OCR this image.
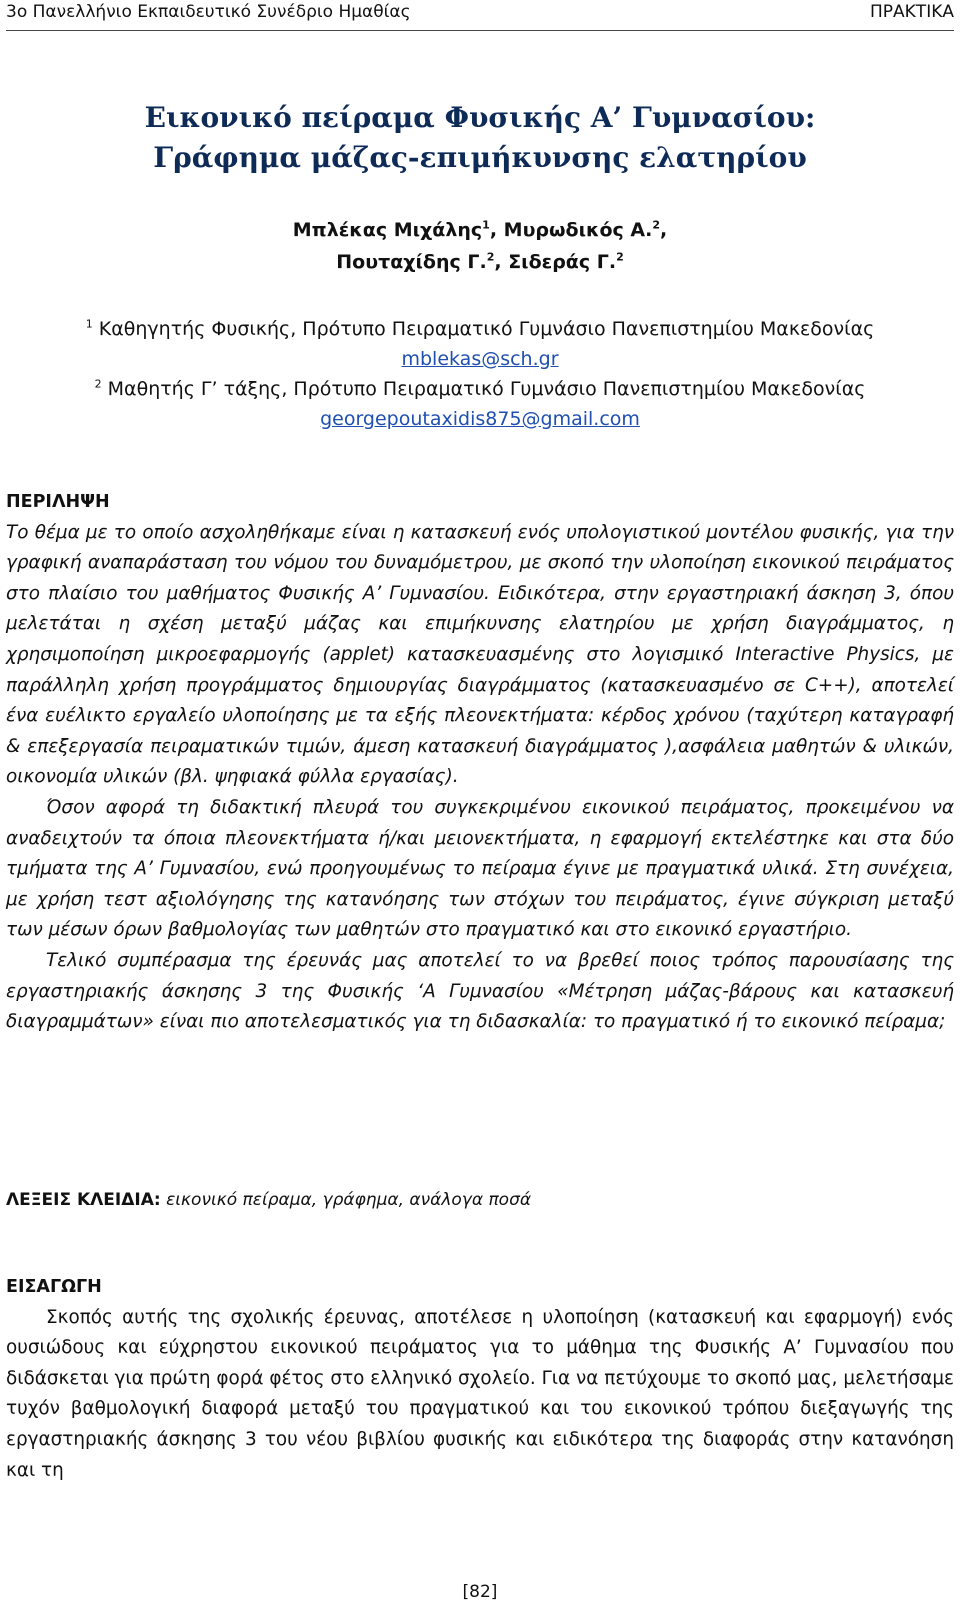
3ο Πανελλήνιο Εκπαιδευτικό Συνέδριο Ημαθίας	ΠΡΑΚΤΙΚΑ
Εικονικό πείραμα Φυσικής Α’ Γυμνασίου:
Γράφημα μάζας-επιμήκυνσης ελατηρίου
Μπλέκας Μιχάλης$^1$, Μυρωδικός Α.$^2$,
Πουταχίδης Γ.$^2$, Σιδεράς Γ.$^2$
$^1$ Καθηγητής Φυσικής, Πρότυπο Πειραματικό Γυμνάσιο Πανεπιστημίου Μακεδονίας
mblekas@sch.gr
$^2$ Μαθητής Γ’ τάξης, Πρότυπο Πειραματικό Γυμνάσιο Πανεπιστημίου Μακεδονίας
georgepoutaxidis875@gmail.com
ΠΕΡΙΛΗΨΗ

Το θέμα με το οποίο ασχοληθήκαμε είναι η κατασκευή ενός υπολογιστικού μοντέλου φυσικής, για την γραφική αναπαράσταση του νόμου του δυναμόμετρου, με σκοπό την υλοποίηση εικονικού πειράματος στο πλαίσιο του μαθήματος Φυσικής Α’ Γυμνασίου. Ειδικότερα, στην εργαστηριακή άσκηση 3, όπου μελετάται η σχέση μεταξύ μάζας και επιμήκυνσης ελατηρίου με χρήση διαγράμματος, η χρησιμοποίηση μικροεφαρμογής (applet) κατασκευασμένης στο λογισμικό Interactive Physics, με παράλληλη χρήση προγράμματος δημιουργίας διαγράμματος (κατασκευασμένο σε C++), αποτελεί ένα ευέλικτο εργαλείο υλοποίησης με τα εξής πλεονεκτήματα: κέρδος χρόνου (ταχύτερη καταγραφή & επεξεργασία πειραματικών τιμών, άμεση κατασκευή διαγράμματος ),ασφάλεια μαθητών & υλικών, οικονομία υλικών (βλ. ψηφιακά φύλλα εργασίας).

Όσον αφορά τη διδακτική πλευρά του συγκεκριμένου εικονικού πειράματος, προκειμένου να αναδειχτούν τα όποια πλεονεκτήματα ή/και μειονεκτήματα, η εφαρμογή εκτελέστηκε και στα δύο τμήματα της Α’ Γυμνασίου, ενώ προηγουμένως το πείραμα έγινε με πραγματικά υλικά. Στη συνέχεια, με χρήση τεστ αξιολόγησης της κατανόησης των στόχων του πειράματος, έγινε σύγκριση μεταξύ των μέσων όρων βαθμολογίας των μαθητών στο πραγματικό και στο εικονικό εργαστήριο.

Τελικό συμπέρασμα της έρευνάς μας αποτελεί το να βρεθεί ποιος τρόπος παρουσίασης της εργαστηριακής άσκησης 3 της Φυσικής ‘Α Γυμνασίου «Μέτρηση μάζας-βάρους και κατασκευή διαγραμμάτων» είναι πιο αποτελεσματικός για τη διδασκαλία: το πραγματικό ή το εικονικό πείραμα;

ΛΕΞΕΙΣ ΚΛΕΙΔΙΑ: εικονικό πείραμα, γράφημα, ανάλογα ποσά
ΕΙΣΑΓΩΓΗ

Σκοπός αυτής της σχολικής έρευνας, αποτέλεσε η υλοποίηση (κατασκευή και εφαρμογή) ενός ουσιώδους και εύχρηστου εικονικού πειράματος για το μάθημα της Φυσικής Α’ Γυμνασίου που διδάσκεται για πρώτη φορά φέτος στο ελληνικό σχολείο. Για να πετύχουμε το σκοπό μας, μελετήσαμε τυχόν βαθμολογική διαφορά μεταξύ του πραγματικού και του εικονικού τρόπου διεξαγωγής της εργαστηριακής άσκησης 3 του νέου βιβλίου φυσικής και ειδικότερα της διαφοράς στην κατανόηση και τη

[82]
